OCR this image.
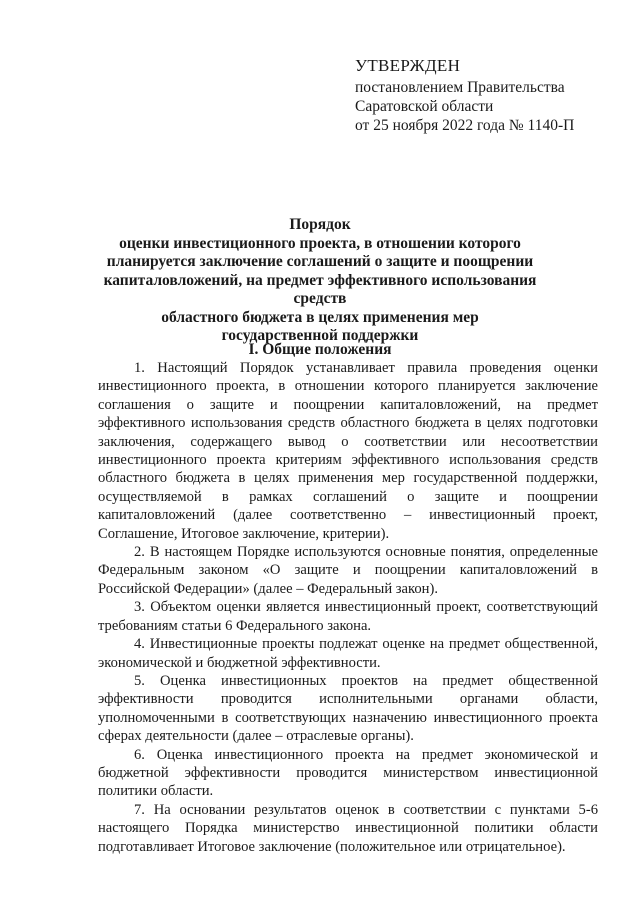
УТВЕРЖДЕН
постановлением Правительства
Саратовской области
от 25 ноября 2022 года № 1140-П
Порядок
оценки инвестиционного проекта, в отношении которого
планируется заключение соглашений о защите и поощрении
капиталовложений, на предмет эффективного использования средств
областного бюджета в целях применения мер
государственной поддержки
I. Общие положения

1. Настоящий Порядок устанавливает правила проведения оценки инвестиционного проекта, в отношении которого планируется заключение соглашения о защите и поощрении капиталовложений, на предмет эффективного использования средств областного бюджета в целях подготовки заключения, содержащего вывод о соответствии или несоответствии инвестиционного проекта критериям эффективного использования средств областного бюджета в целях применения мер государственной поддержки, осуществляемой в рамках соглашений о защите и поощрении капиталовложений (далее соответственно – инвестиционный проект, Соглашение, Итоговое заключение, критерии).

2. В настоящем Порядке используются основные понятия, определенные Федеральным законом «О защите и поощрении капиталовложений в Российской Федерации» (далее – Федеральный закон).

3. Объектом оценки является инвестиционный проект, соответствующий требованиям статьи 6 Федерального закона.

4. Инвестиционные проекты подлежат оценке на предмет общественной, экономической и бюджетной эффективности.

5. Оценка инвестиционных проектов на предмет общественной эффективности проводится исполнительными органами области, уполномоченными в соответствующих назначению инвестиционного проекта сферах деятельности (далее – отраслевые органы).

6. Оценка инвестиционного проекта на предмет экономической и бюджетной эффективности проводится министерством инвестиционной политики области.

7. На основании результатов оценок в соответствии с пунктами 5-6 настоящего Порядка министерство инвестиционной политики области подготавливает Итоговое заключение (положительное или отрицательное).
